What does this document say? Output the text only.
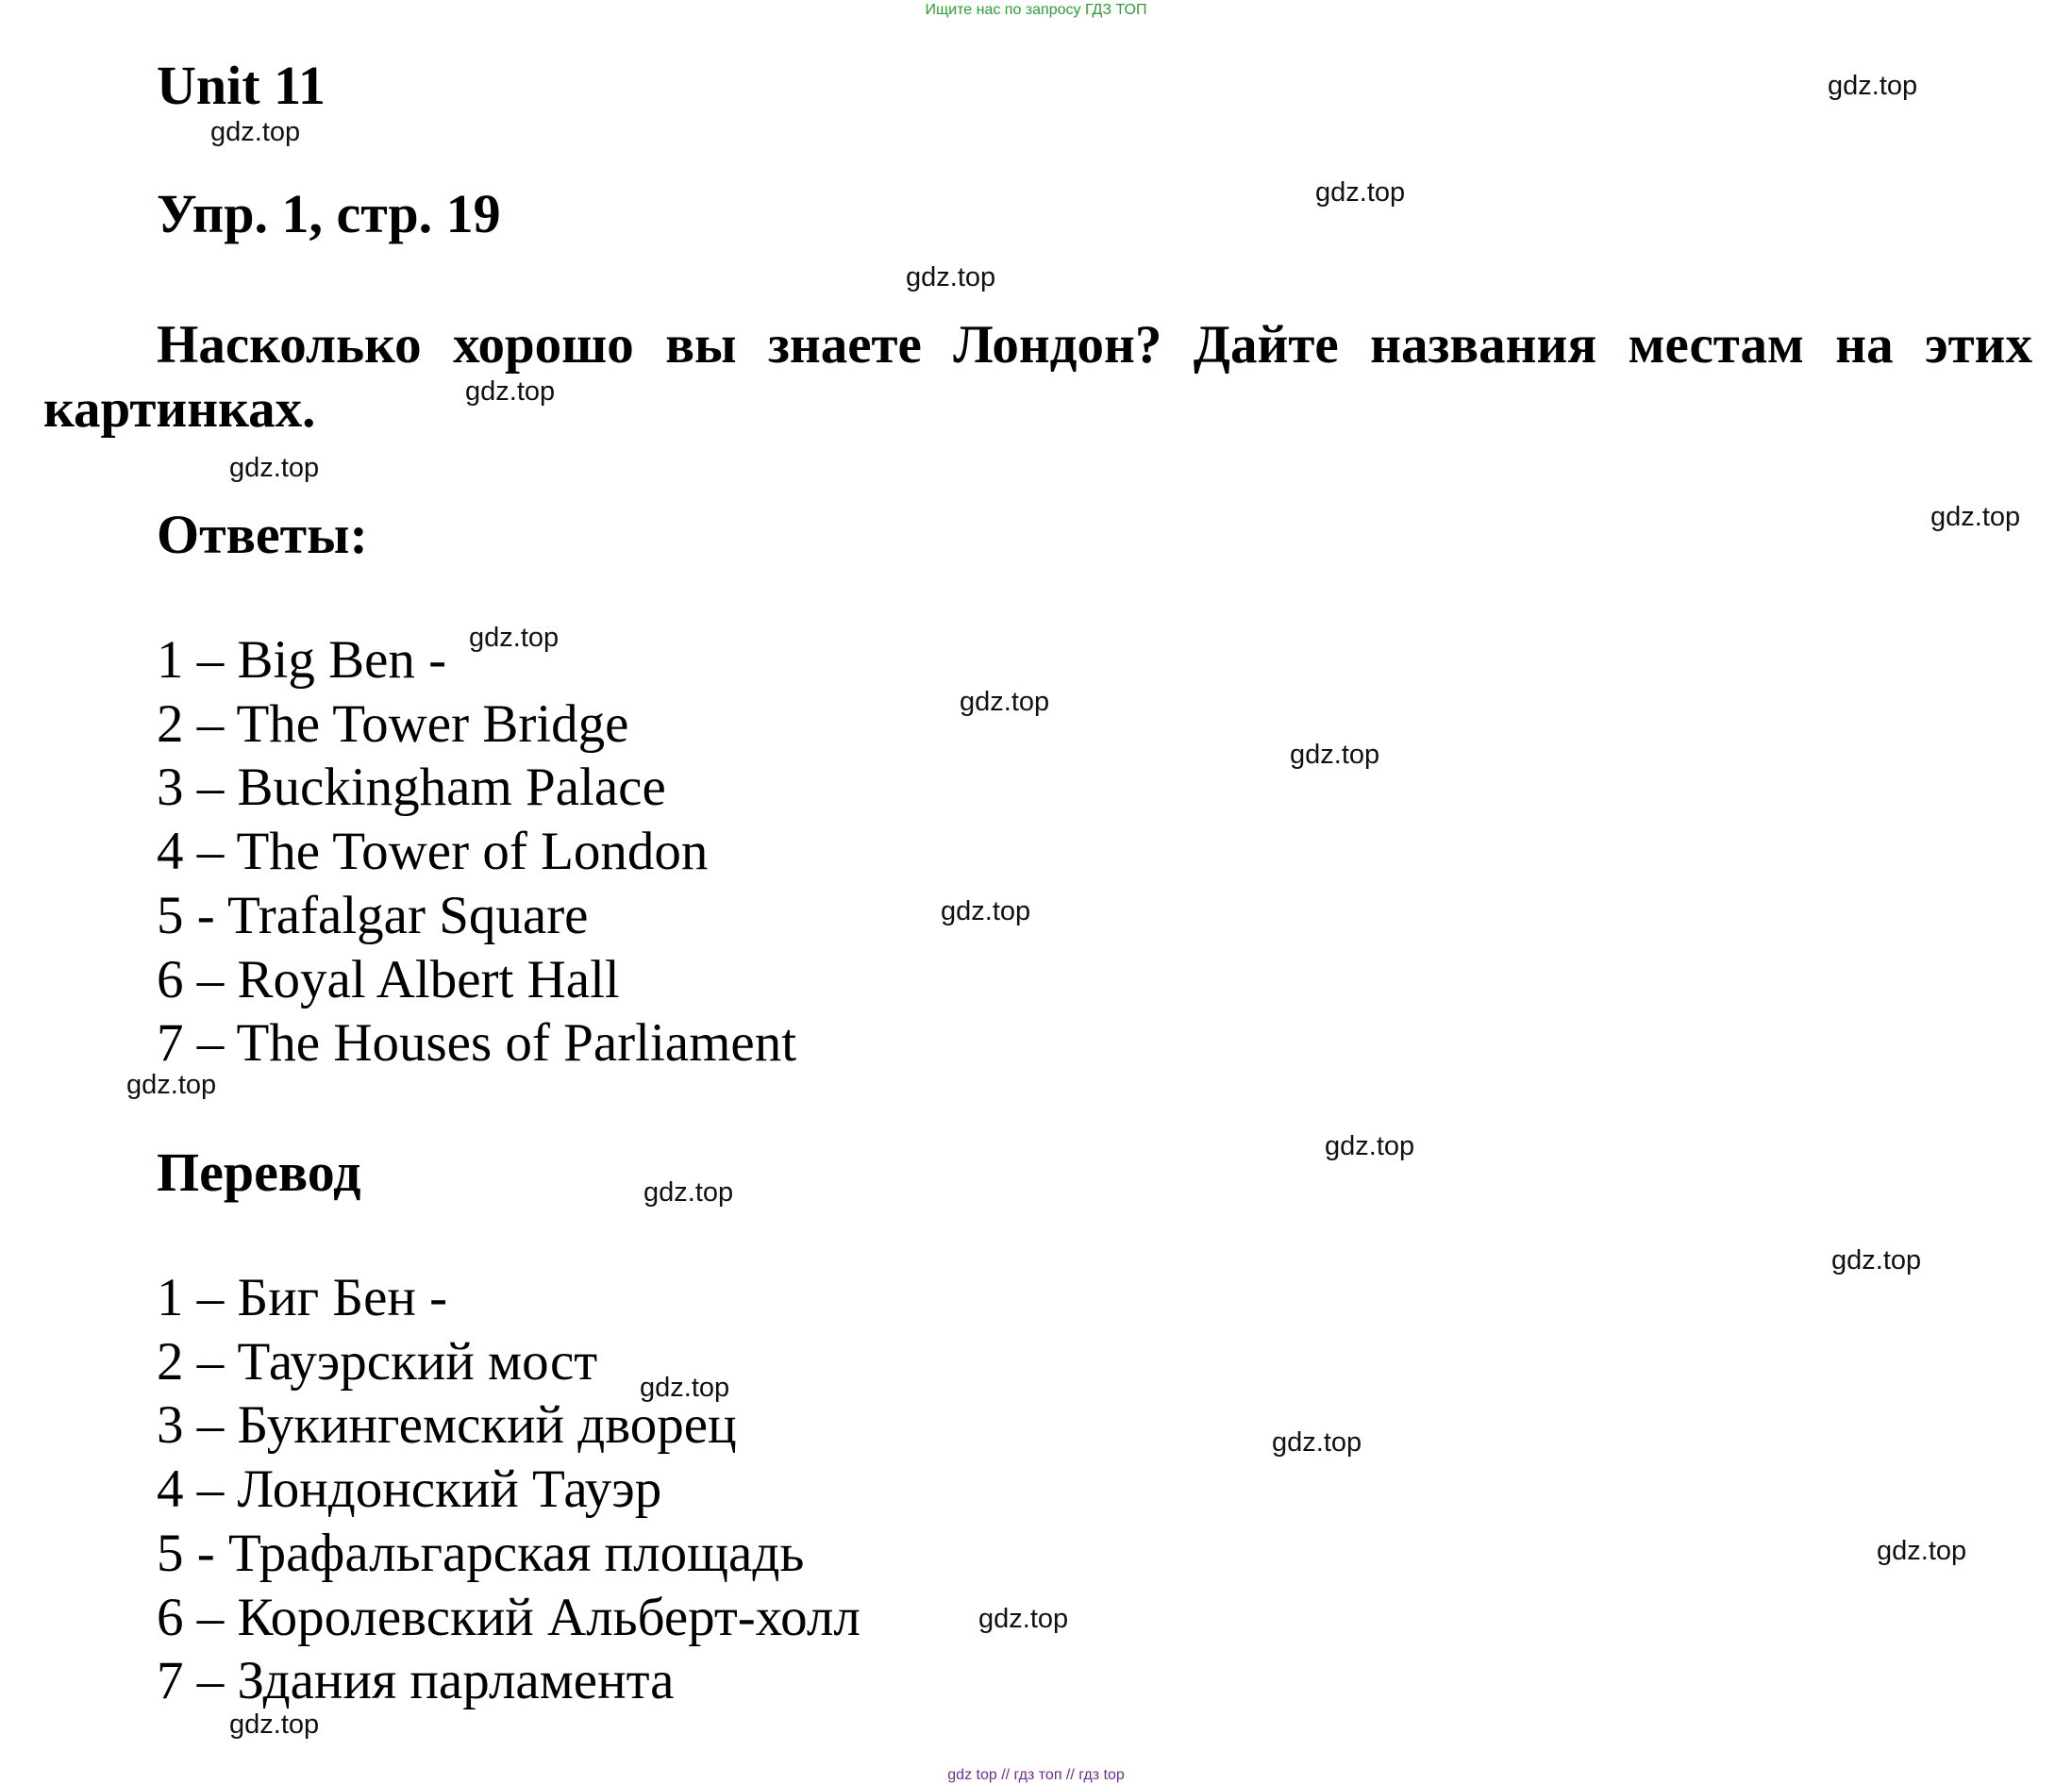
Ищите нас по запросу ГДЗ ТОП
Unit 11
Упр. 1, стр. 19
Насколько хорошо вы знаете Лондон? Дайте названия местам на этих картинках.
Ответы:
1 – Big Ben -
2 – The Tower Bridge
3 – Buckingham Palace
4 – The Tower of London
5 - Trafalgar Square
6 – Royal Albert Hall
7 – The Houses of Parliament
Перевод
1 – Биг Бен -
2 – Тауэрский мост
3 – Букингемский дворец
4 – Лондонский Тауэр
5 - Трафальгарская площадь
6 – Королевский Альберт-холл
7 – Здания парламента
gdz.top
gdz.top
gdz.top
gdz.top
gdz.top
gdz.top
gdz.top
gdz.top
gdz.top
gdz.top
gdz.top
gdz.top
gdz.top
gdz.top
gdz.top
gdz.top
gdz.top
gdz.top
gdz.top
gdz.top
gdz top // гдз топ // гдз top
